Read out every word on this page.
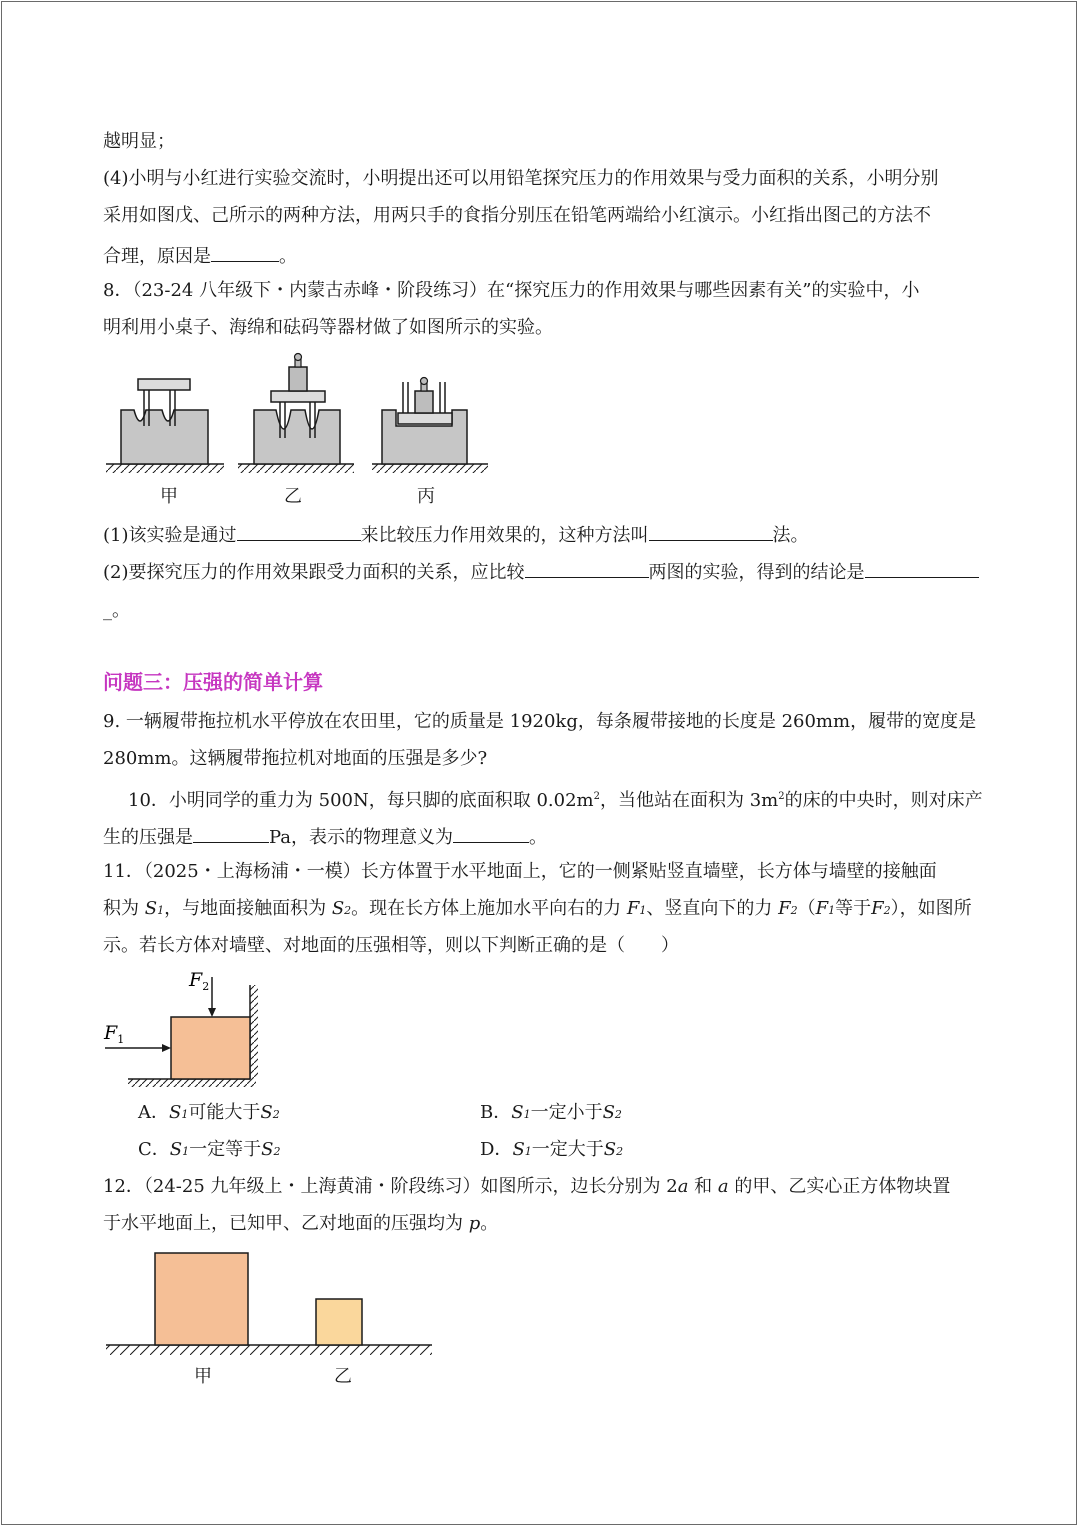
越明显；
(4)小明与小红进行实验交流时，小明提出还可以用铅笔探究压力的作用效果与受力面积的关系，小明分别
采用如图戊、己所示的两种方法，用两只手的食指分别压在铅笔两端给小红演示。小红指出图己的方法不
合理，原因是	。
8．（23-24 八年级下・内蒙古赤峰・阶段练习）在“探究压力的作用效果与哪些因素有关”的实验中，小
明利用小桌子、海绵和砝码等器材做了如图所示的实验。
甲	乙	丙
(1)该实验是通过	来比较压力作用效果的，这种方法叫	法。
(2)要探究压力的作用效果跟受力面积的关系，应比较	两图的实验，得到的结论是
_。
问题三：压强的简单计算
9. 一辆履带拖拉机水平停放在农田里，它的质量是 1920kg，每条履带接地的长度是 260mm，履带的宽度是
280mm。这辆履带拖拉机对地面的压强是多少?
10．小明同学的重力为 500N，每只脚的底面积取 $0.02m^2$，当他站在面积为 $3m^2$的床的中央时，则对床产
生的压强是	Pa，表示的物理意义为	。
11．（2025・上海杨浦・一模）长方体置于水平地面上，它的一侧紧贴竖直墙壁，长方体与墙壁的接触面
积为 S1，与地面接触面积为 S2。现在长方体上施加水平向右的力 F1、竖直向下的力 F2（F1等于F2），如图所
示。若长方体对墙壁、对地面的压强相等，则以下判断正确的是（　　）
$F_1$
$F_2$
A．S1可能大于S2	B．S1一定小于S2
C．S1一定等于S2	D．S1一定大于S2
12．（24-25 九年级上・上海黄浦・阶段练习）如图所示，边长分别为 2a 和 a 的甲、乙实心正方体物块置
于水平地面上，已知甲、乙对地面的压强均为 p。
甲	乙
